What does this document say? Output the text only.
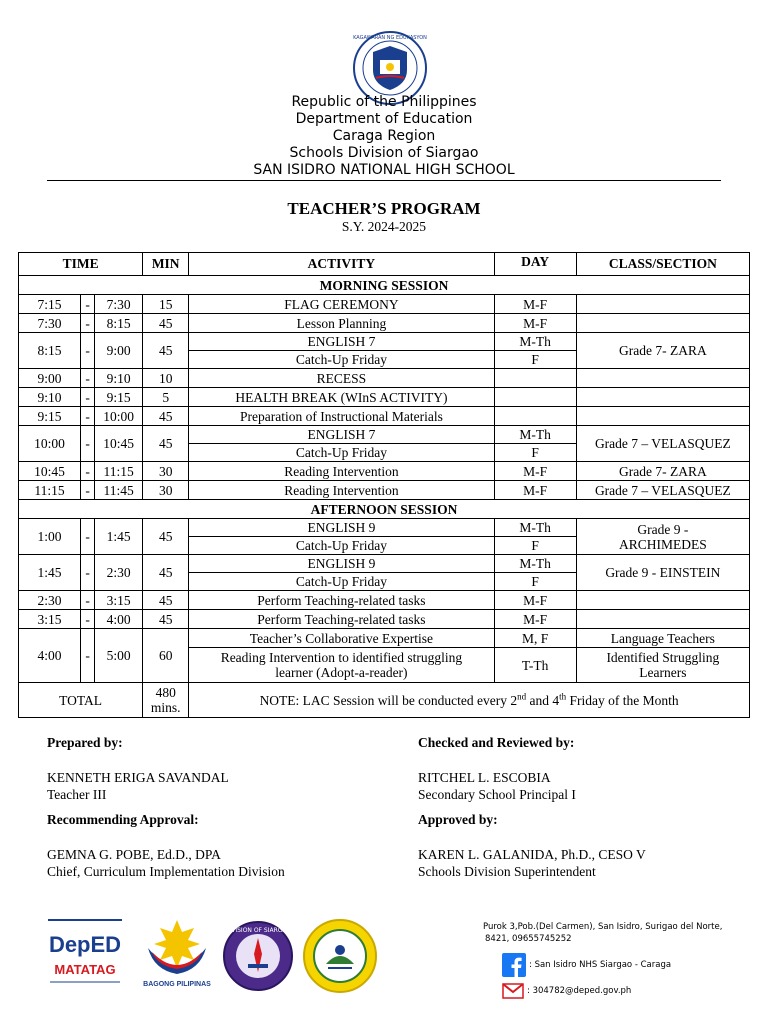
KAGAWARAN NG EDUKASYON
Republic of the Philippines
Department of Education
Caraga Region
Schools Division of Siargao
SAN ISIDRO NATIONAL HIGH SCHOOL
TEACHER’S PROGRAM
S.Y. 2024-2025
TIME			MIN	ACTIVITY	DAY	CLASS/SECTION
MORNING SESSION						
7:15	-	7:30	15	FLAG CEREMONY	M-F	
7:30	-	8:15	45	Lesson Planning	M-F	
8:15	-	9:00	45	ENGLISH 7	M-Th	Grade 7- ZARA
				Catch-Up Friday	F	
9:00	-	9:10	10	RECESS		
9:10	-	9:15	5	HEALTH BREAK (WInS ACTIVITY)		
9:15	-	10:00	45	Preparation of Instructional Materials		
10:00	-	10:45	45	ENGLISH 7	M-Th	Grade 7 – VELASQUEZ
				Catch-Up Friday	F	
10:45	-	11:15	30	Reading Intervention	M-F	Grade 7- ZARA
11:15	-	11:45	30	Reading Intervention	M-F	Grade 7 – VELASQUEZ
AFTERNOON SESSION						
1:00	-	1:45	45	ENGLISH 9	M-Th	Grade 9 - ARCHIMEDES
				Catch-Up Friday	F	
1:45	-	2:30	45	ENGLISH 9	M-Th	Grade 9 - EINSTEIN
				Catch-Up Friday	F	
2:30	-	3:15	45	Perform Teaching-related tasks	M-F	
3:15	-	4:00	45	Perform Teaching-related tasks	M-F	
4:00	-	5:00	60	Teacher’s Collaborative Expertise	M, F	Language Teachers
				Reading Intervention to identified struggling learner (Adopt-a-reader)	T-Th	Identified Struggling Learners
TOTAL			480 mins.	NOTE: LAC Session will be conducted every 2nd and 4th Friday of the Month		
Prepared by:
KENNETH ERIGA SAVANDAL
Teacher III
Checked and Reviewed by:
RITCHEL L. ESCOBIA
Secondary School Principal I
Recommending Approval:
GEMNA G. POBE, Ed.D., DPA
Chief, Curriculum Implementation Division
Approved by:
KAREN L. GALANIDA, Ph.D., CESO V
Schools Division Superintendent
DepED
MATATAG
BAGONG PILIPINAS
DIVISION OF SIARGAO	Purok 3,Pob.(Del Carmen), San Isidro, Surigao del Norte,
8421, 09655745252
: San Isidro NHS Siargao - Caraga
: 304782@deped.gov.ph
